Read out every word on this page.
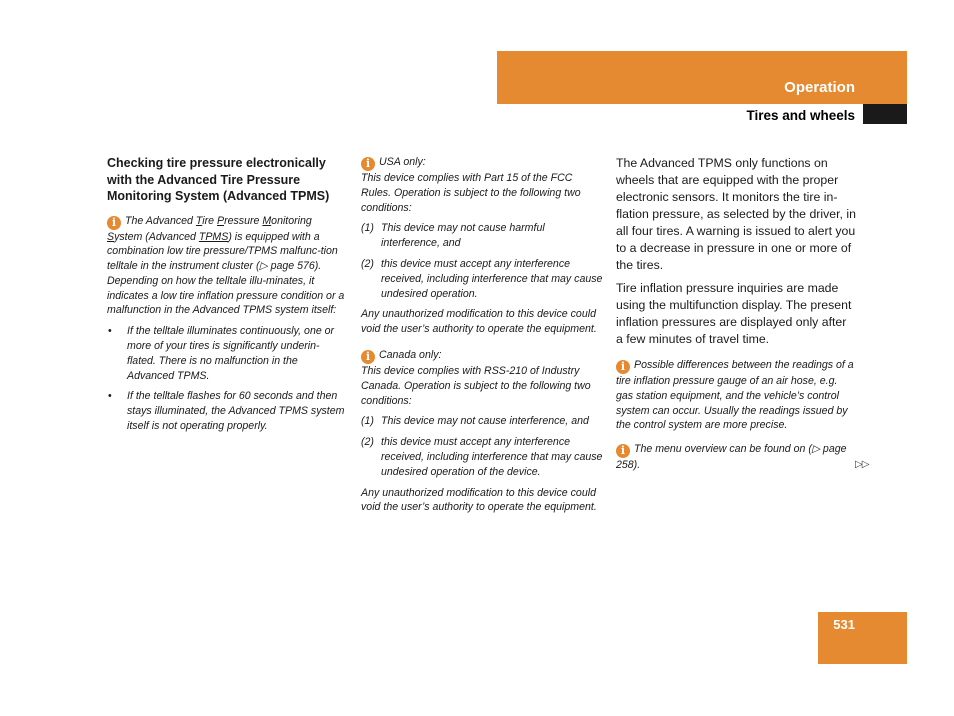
Operation
Tires and wheels

Checking tire pressure electronically with the Advanced Tire Pressure Monitoring System (Advanced TPMS)

i The Advanced Tire Pressure Monitoring System (Advanced TPMS) is equipped with a combination low tire pressure/TPMS malfunc-tion telltale in the instrument cluster (▷ page 576). Depending on how the telltale illu-minates, it indicates a low tire inflation pressure condition or a malfunction in the Advanced TPMS system itself:

• If the telltale illuminates continuously, one or more of your tires is significantly underin-flated. There is no malfunction in the Advanced TPMS.
• If the telltale flashes for 60 seconds and then stays illuminated, the Advanced TPMS system itself is not operating properly.

i USA only:
This device complies with Part 15 of the FCC Rules. Operation is subject to the following two conditions:

(1) This device may not cause harmful interference, and

(2) this device must accept any interference received, including interference that may cause undesired operation.

Any unauthorized modification to this device could void the user’s authority to operate the equipment.

i Canada only:
This device complies with RSS-210 of Industry Canada. Operation is subject to the following two conditions:

(1) This device may not cause interference, and

(2) this device must accept any interference received, including interference that may cause undesired operation of the device.

Any unauthorized modification to this device could void the user’s authority to operate the equipment.

The Advanced TPMS only functions on wheels that are equipped with the proper electronic sensors. It monitors the tire in-flation pressure, as selected by the driver, in all four tires. A warning is issued to alert you to a decrease in pressure in one or more of the tires.

Tire inflation pressure inquiries are made using the multifunction display. The present inflation pressures are displayed only after a few minutes of travel time.

i Possible differences between the readings of a tire inflation pressure gauge of an air hose, e.g. gas station equipment, and the vehicle’s control system can occur. Usually the readings issued by the control system are more precise.

i The menu overview can be found on (▷ page 258).	▷▷
531
